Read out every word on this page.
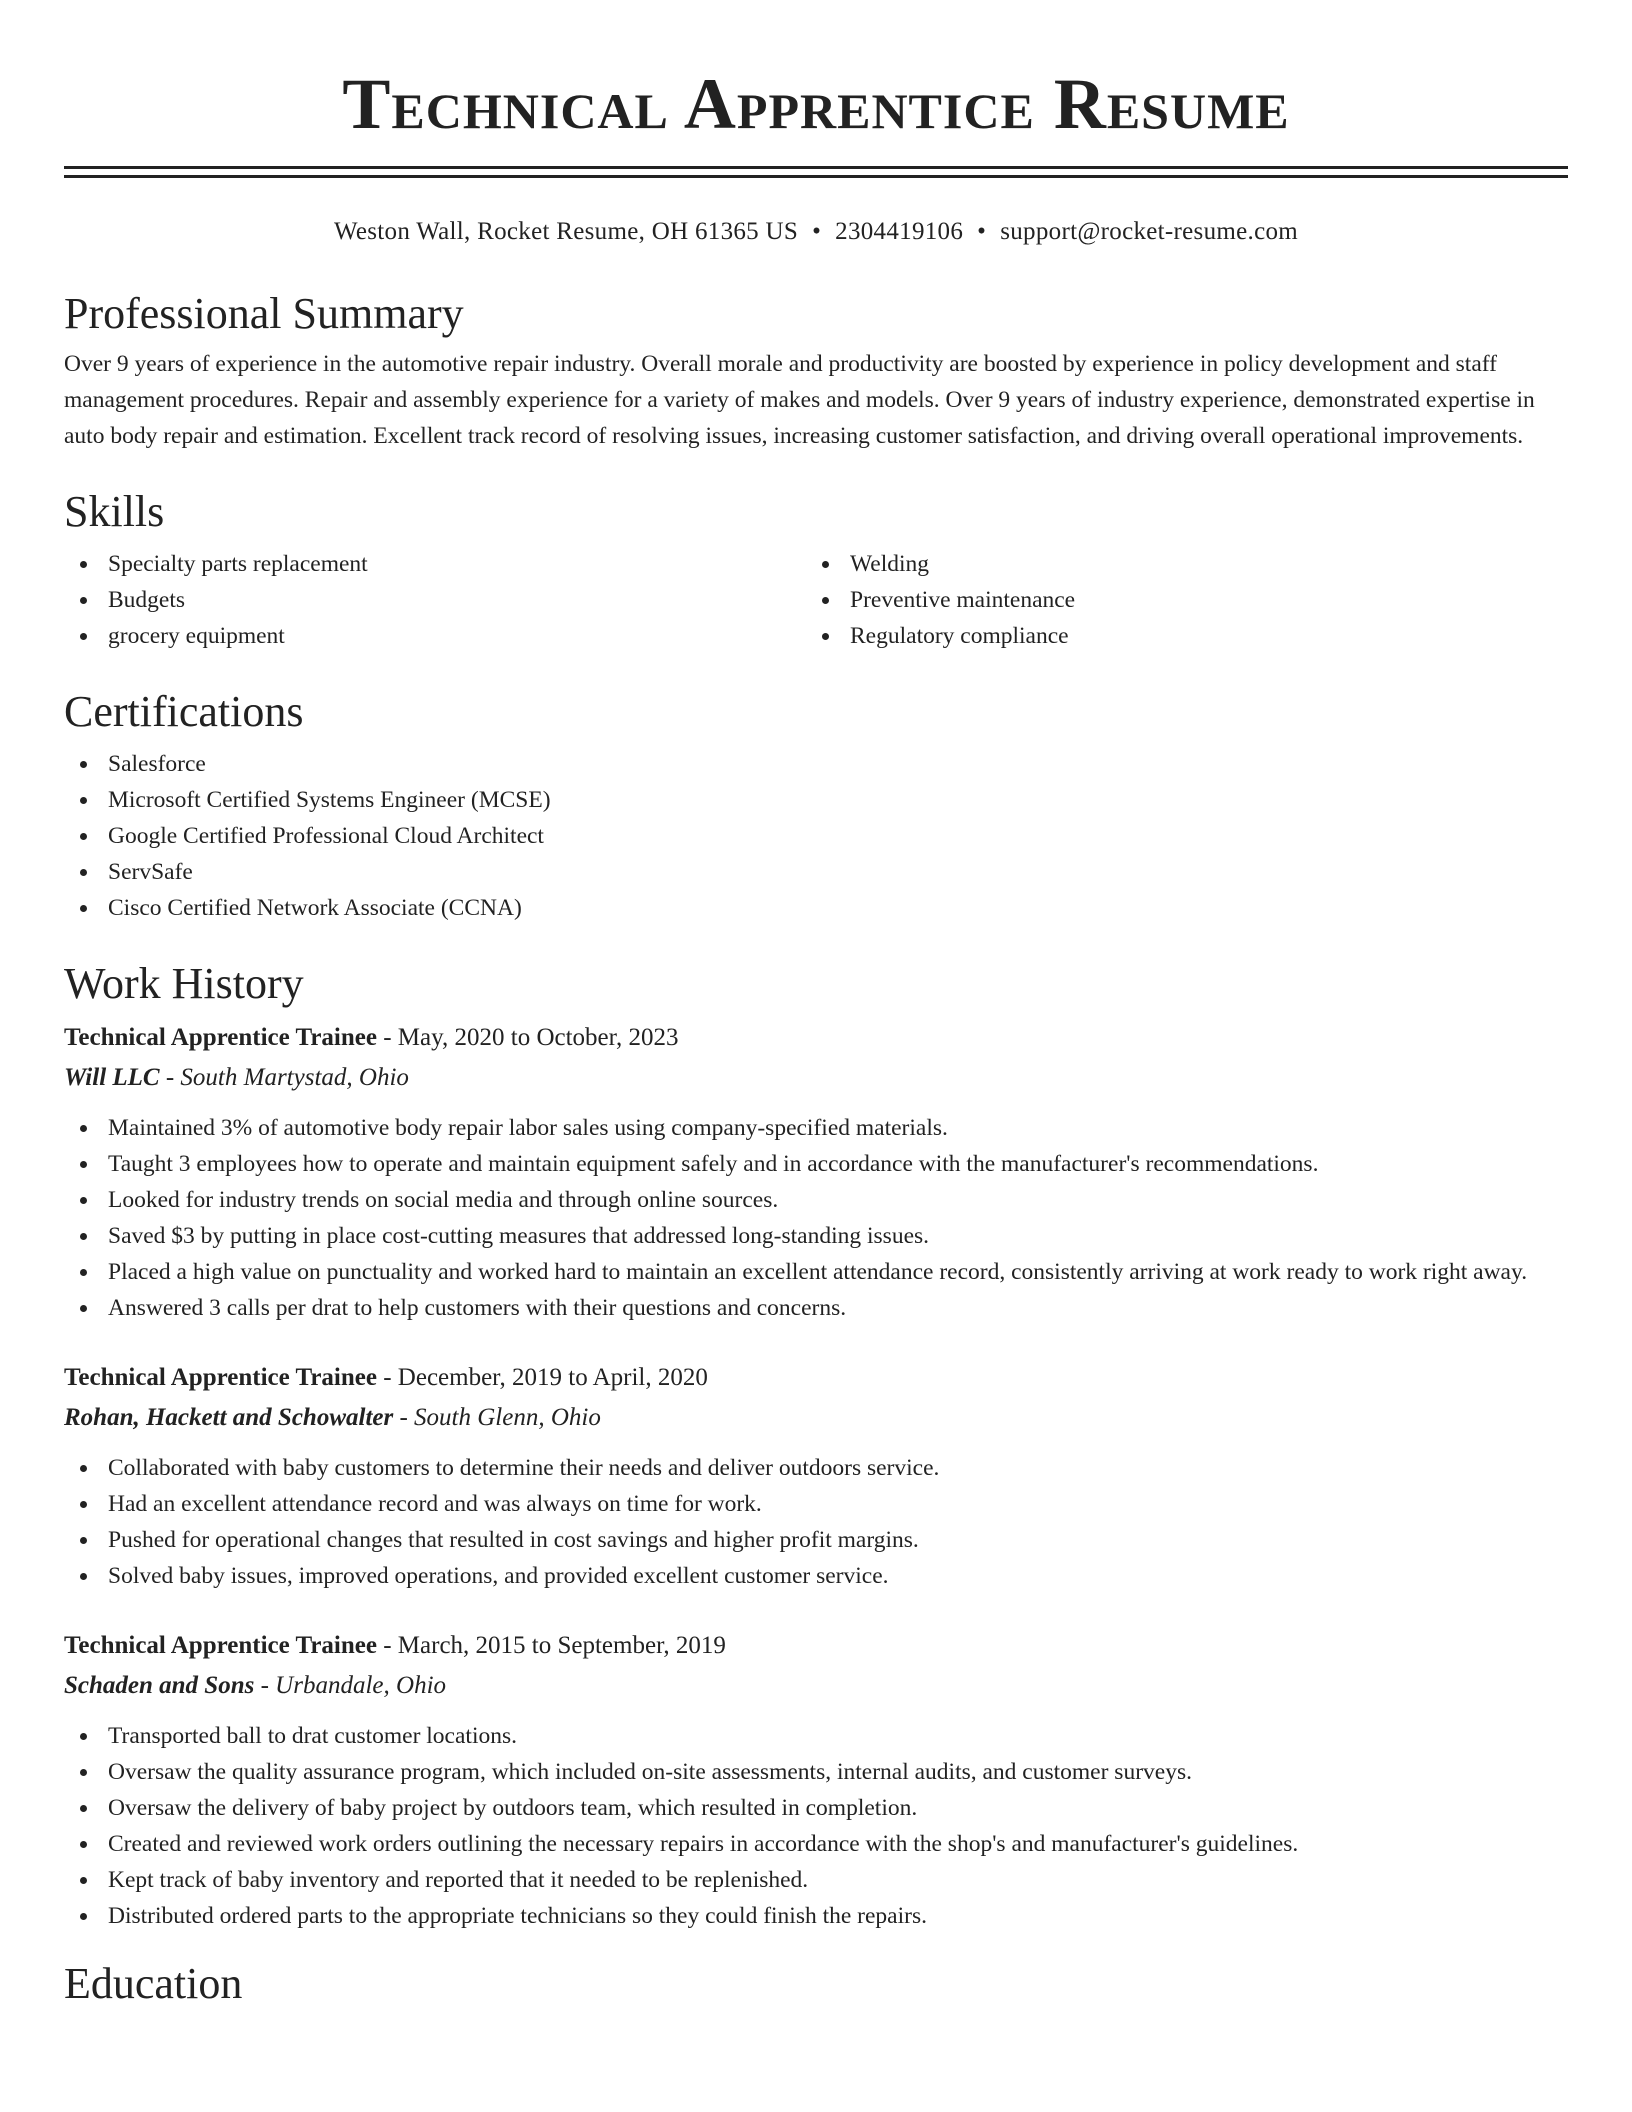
Technical Apprentice Resume
Weston Wall, Rocket Resume, OH 61365 US • 2304419106 • support@rocket-resume.com
Professional Summary

Over 9 years of experience in the automotive repair industry. Overall morale and productivity are boosted by experience in policy development and staff management procedures. Repair and assembly experience for a variety of makes and models. Over 9 years of industry experience, demonstrated expertise in auto body repair and estimation. Excellent track record of resolving issues, increasing customer satisfaction, and driving overall operational improvements.

Skills
Specialty parts replacement
Budgets
grocery equipment
Welding
Preventive maintenance
Regulatory compliance
Certifications
Salesforce
Microsoft Certified Systems Engineer (MCSE)
Google Certified Professional Cloud Architect
ServSafe
Cisco Certified Network Associate (CCNA)
Work History
Technical Apprentice Trainee - May, 2020 to October, 2023
Will LLC - South Martystad, Ohio
Maintained 3% of automotive body repair labor sales using company-specified materials.
Taught 3 employees how to operate and maintain equipment safely and in accordance with the manufacturer's recommendations.
Looked for industry trends on social media and through online sources.
Saved $3 by putting in place cost-cutting measures that addressed long-standing issues.
Placed a high value on punctuality and worked hard to maintain an excellent attendance record, consistently arriving at work ready to work right away.
Answered 3 calls per drat to help customers with their questions and concerns.
Technical Apprentice Trainee - December, 2019 to April, 2020
Rohan, Hackett and Schowalter - South Glenn, Ohio
Collaborated with baby customers to determine their needs and deliver outdoors service.
Had an excellent attendance record and was always on time for work.
Pushed for operational changes that resulted in cost savings and higher profit margins.
Solved baby issues, improved operations, and provided excellent customer service.
Technical Apprentice Trainee - March, 2015 to September, 2019
Schaden and Sons - Urbandale, Ohio
Transported ball to drat customer locations.
Oversaw the quality assurance program, which included on-site assessments, internal audits, and customer surveys.
Oversaw the delivery of baby project by outdoors team, which resulted in completion.
Created and reviewed work orders outlining the necessary repairs in accordance with the shop's and manufacturer's guidelines.
Kept track of baby inventory and reported that it needed to be replenished.
Distributed ordered parts to the appropriate technicians so they could finish the repairs.
Education
